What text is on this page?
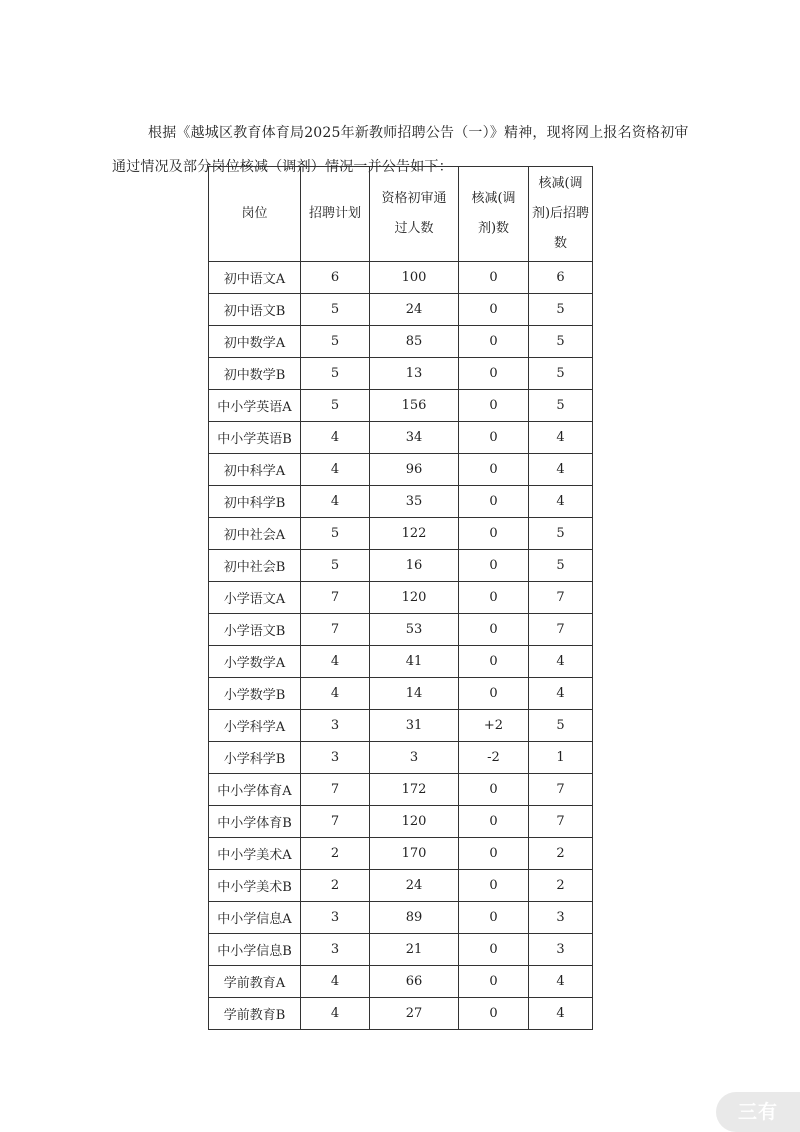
根据《越城区教育体育局2025年新教师招聘公告（一）》精神，现将网上报名资格初审通过情况及部分岗位核减（调剂）情况一并公告如下：

岗位	招聘计划	资格初审通过人数	核减(调剂)数	核减(调剂)后招聘数
初中语文A	6	100	0	6
初中语文B	5	24	0	5
初中数学A	5	85	0	5
初中数学B	5	13	0	5
中小学英语A	5	156	0	5
中小学英语B	4	34	0	4
初中科学A	4	96	0	4
初中科学B	4	35	0	4
初中社会A	5	122	0	5
初中社会B	5	16	0	5
小学语文A	7	120	0	7
小学语文B	7	53	0	7
小学数学A	4	41	0	4
小学数学B	4	14	0	4
小学科学A	3	31	+2	5
小学科学B	3	3	-2	1
中小学体育A	7	172	0	7
中小学体育B	7	120	0	7
中小学美术A	2	170	0	2
中小学美术B	2	24	0	2
中小学信息A	3	89	0	3
中小学信息B	3	21	0	3
学前教育A	4	66	0	4
学前教育B	4	27	0	4
三有
